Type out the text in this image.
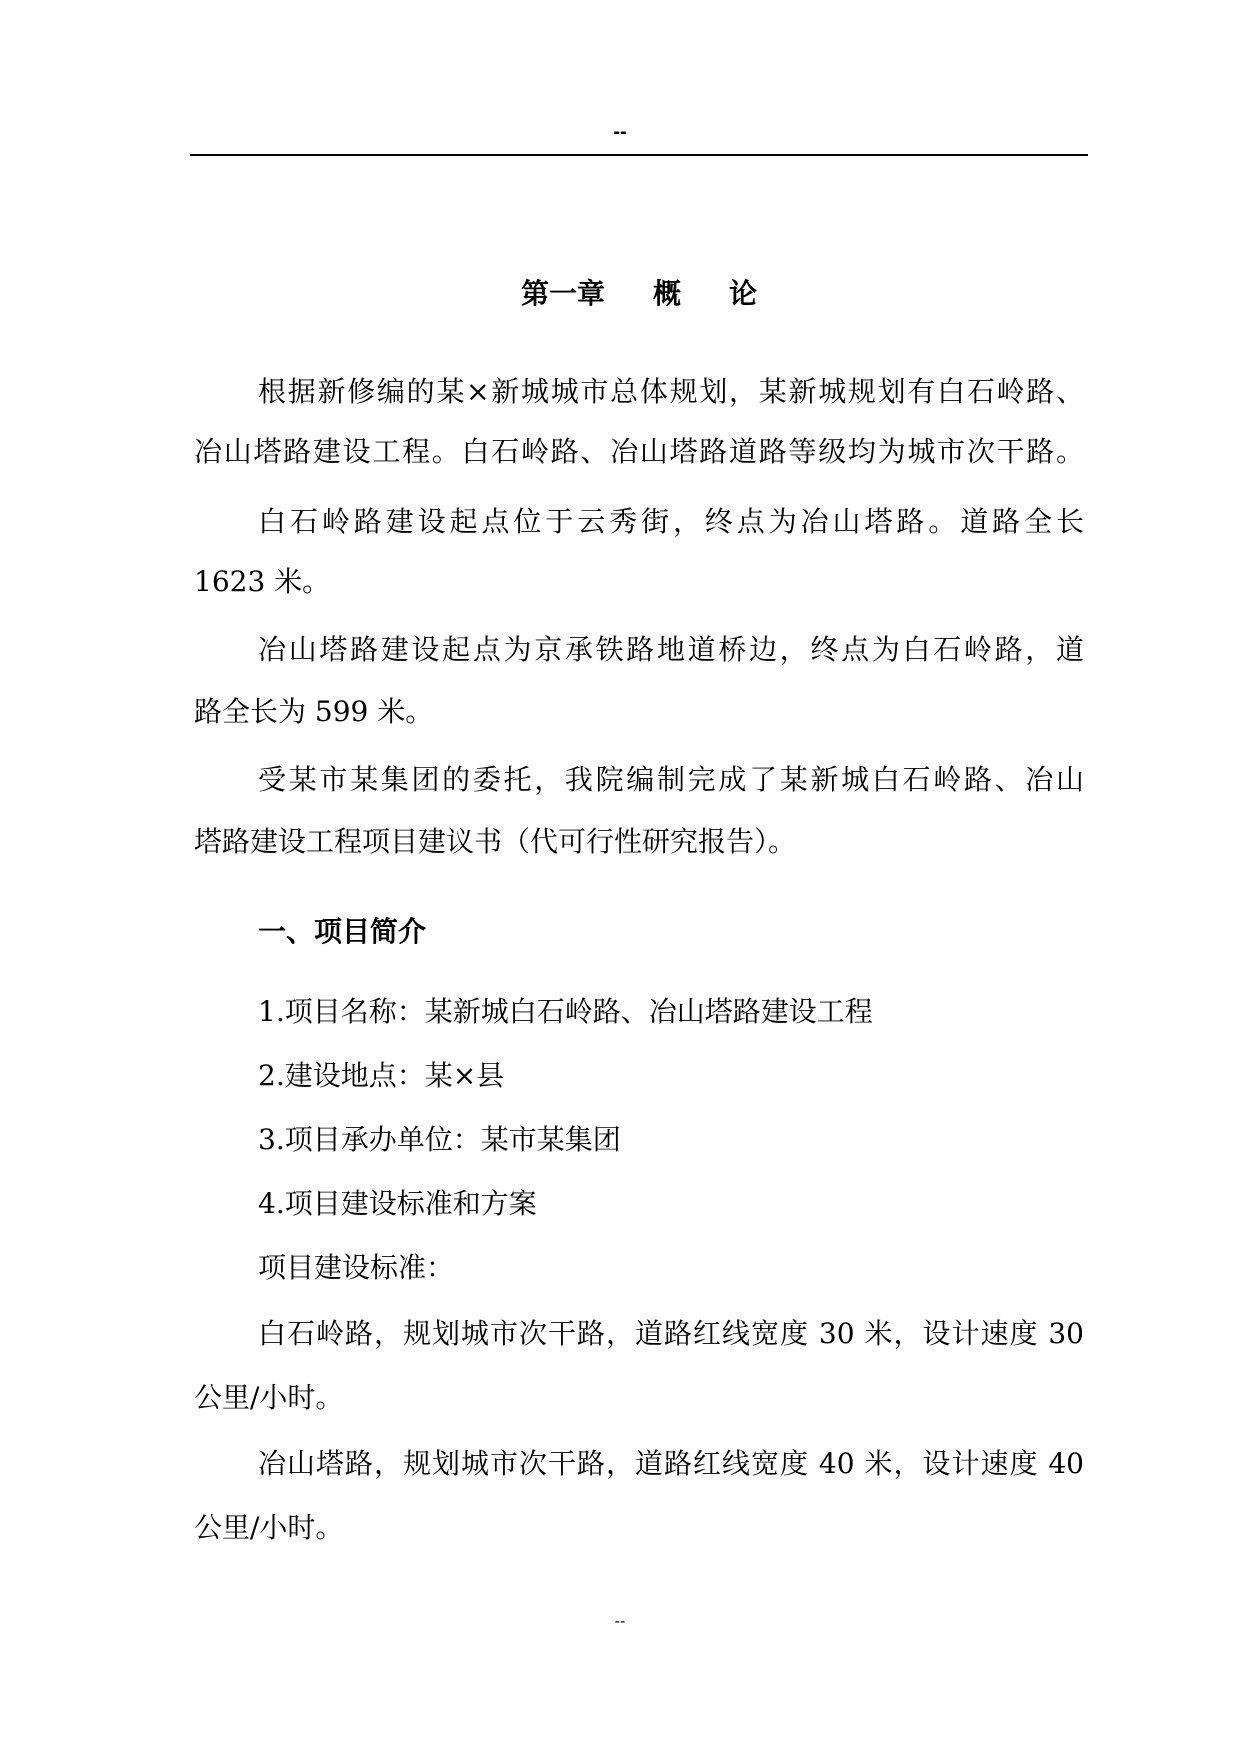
--
第一章 概 论
根据新修编的某×新城城市总体规划，某新城规划有白石岭路、
冶山塔路建设工程。白石岭路、冶山塔路道路等级均为城市次干路。
白石岭路建设起点位于云秀街，终点为冶山塔路。道路全长
1623 米。
冶山塔路建设起点为京承铁路地道桥边，终点为白石岭路，道
路全长为 599 米。
受某市某集团的委托，我院编制完成了某新城白石岭路、冶山
塔路建设工程项目建议书（代可行性研究报告）。
一、项目简介
1.项目名称：某新城白石岭路、冶山塔路建设工程
2.建设地点：某×县
3.项目承办单位：某市某集团
4.项目建设标准和方案
项目建设标准：
白石岭路，规划城市次干路，道路红线宽度 30 米，设计速度 30
公里/小时。
冶山塔路，规划城市次干路，道路红线宽度 40 米，设计速度 40
公里/小时。
--
